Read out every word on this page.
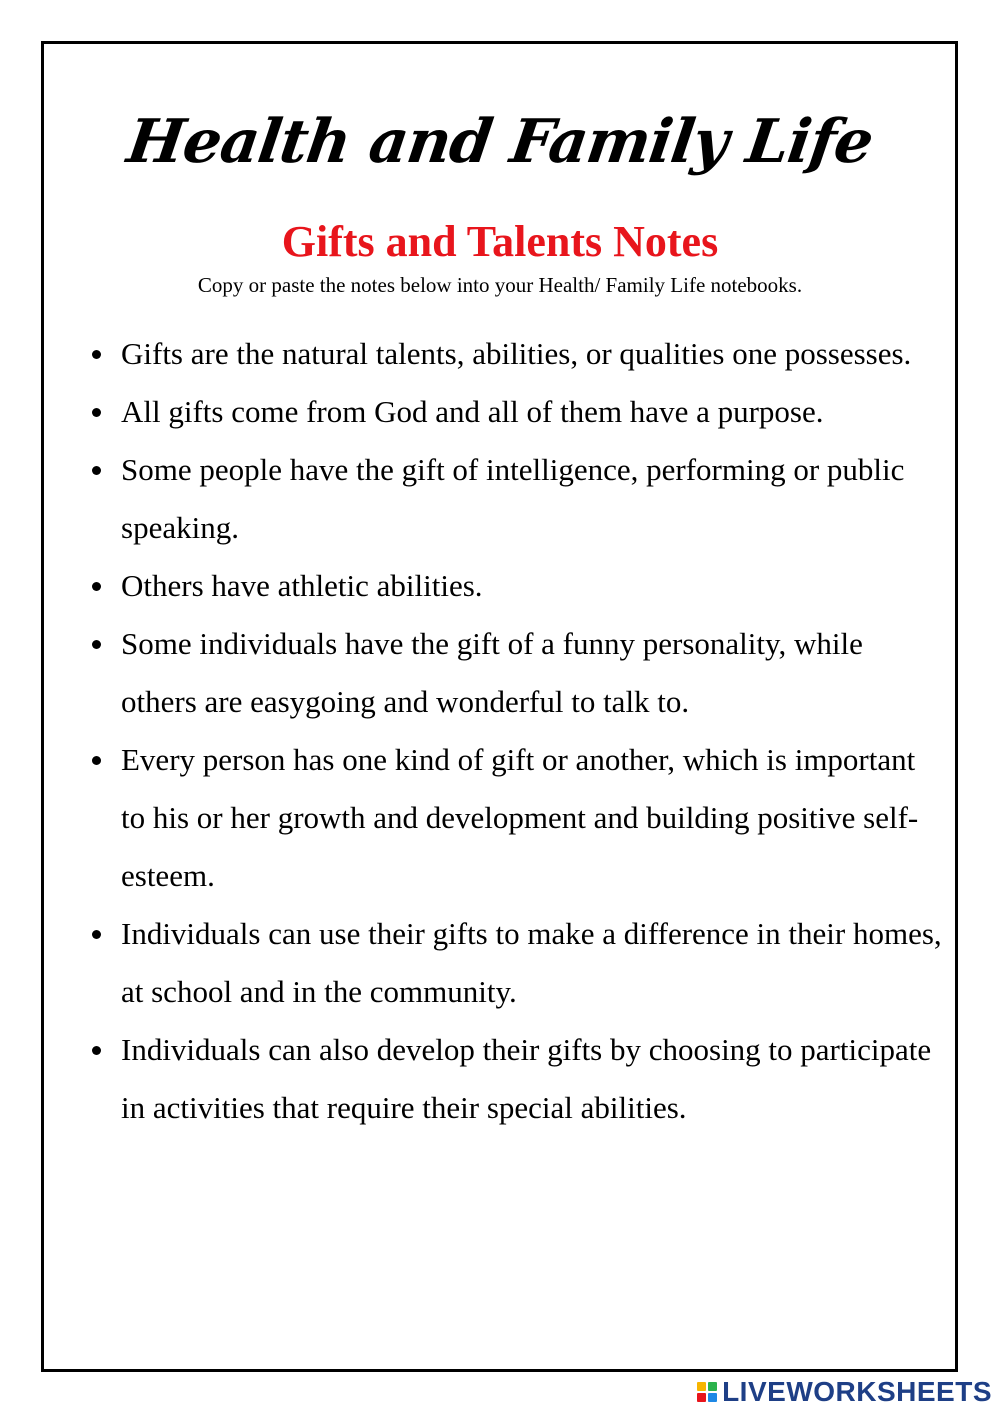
Health and Family Life
Gifts and Talents Notes

Copy or paste the notes below into your Health/ Family Life notebooks.

Gifts are the natural talents, abilities, or qualities one possesses.
All gifts come from God and all of them have a purpose.
Some people have the gift of intelligence, performing or public speaking.
Others have athletic abilities.
Some individuals have the gift of a funny personality, while others are easygoing and wonderful to talk to.
Every person has one kind of gift or another, which is important to his or her growth and development and building positive self-esteem.
Individuals can use their gifts to make a difference in their homes, at school and in the community.
Individuals can also develop their gifts by choosing to participate in activities that require their special abilities.
LIVEWORKSHEETS
